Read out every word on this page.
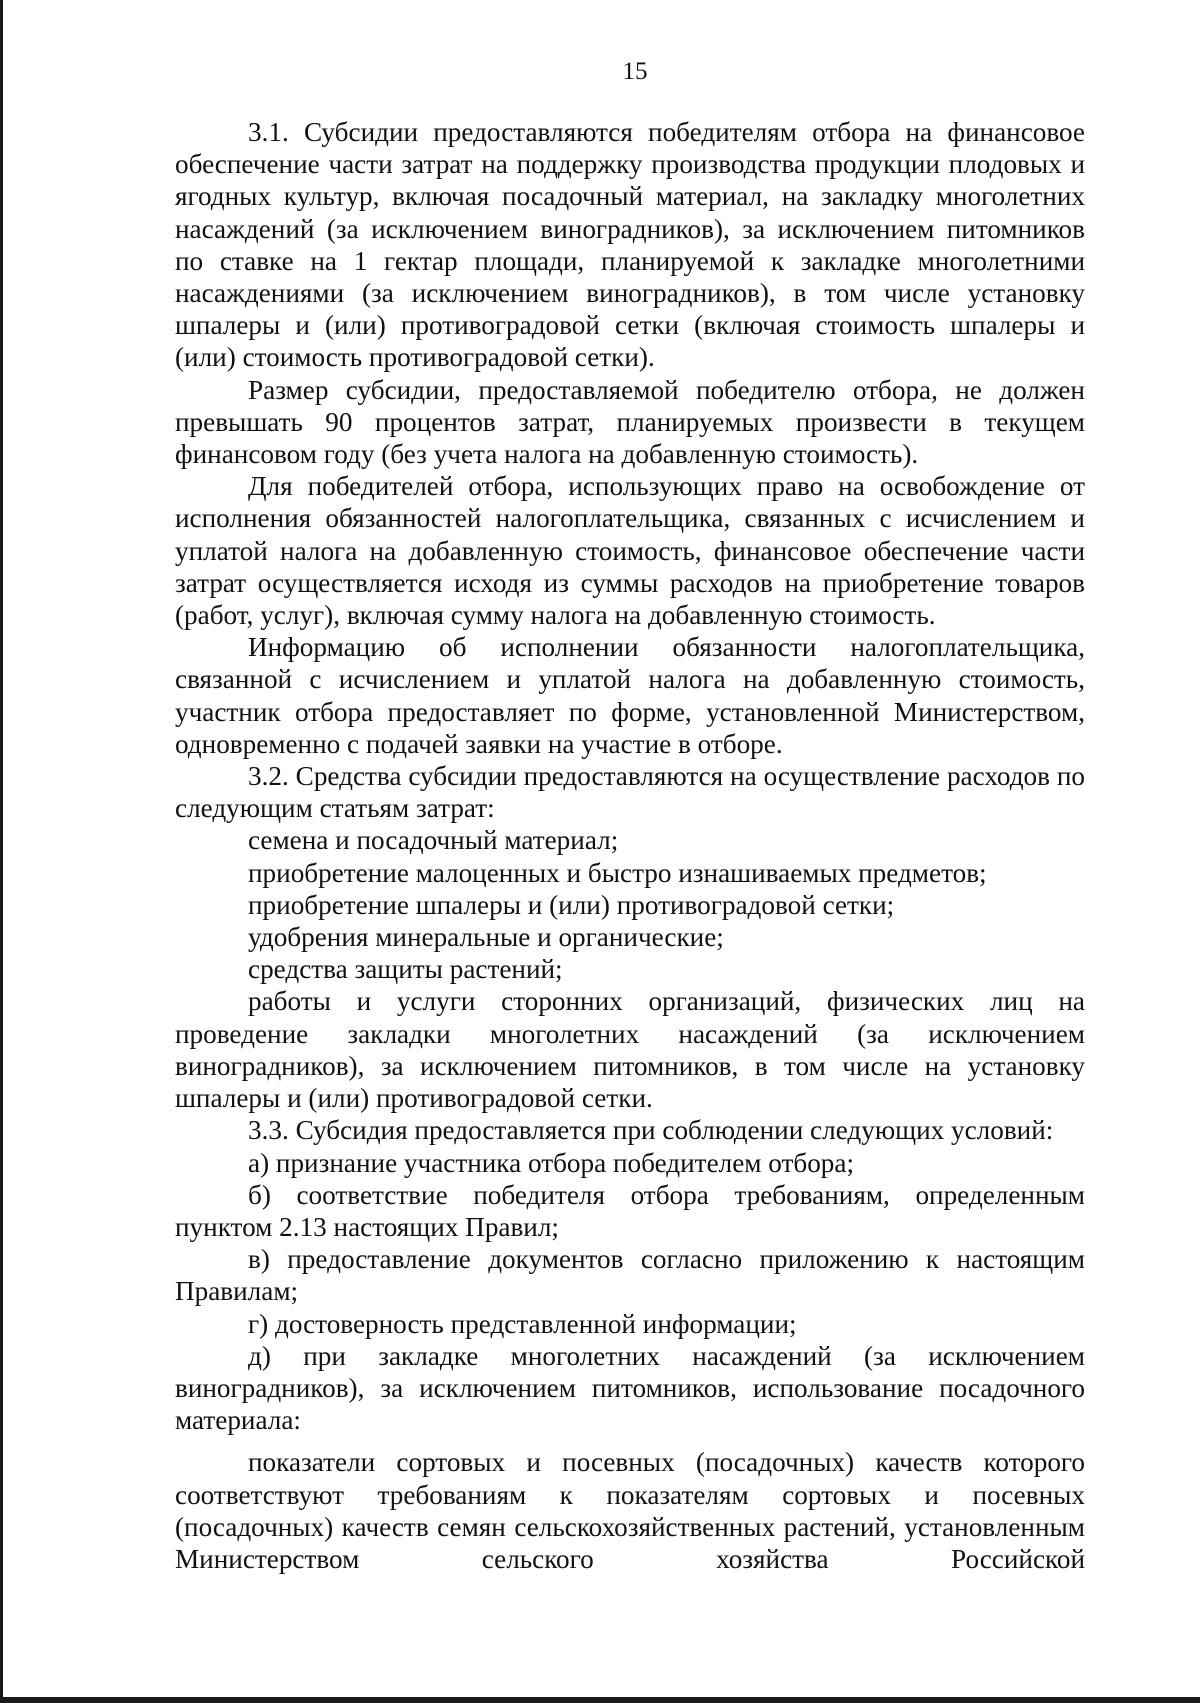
15

3.1. Субсидии предоставляются победителям отбора на финансовое обеспечение части затрат на поддержку производства продукции плодовых и ягодных культур, включая посадочный материал, на закладку многолетних насаждений (за исключением виноградников), за исключением питомников по ставке на 1 гектар площади, планируемой к закладке многолетними насаждениями (за исключением виноградников), в том числе установку шпалеры и (или) противоградовой сетки (включая стоимость шпалеры и (или) стоимость противоградовой сетки).

Размер субсидии, предоставляемой победителю отбора, не должен превышать 90 процентов затрат, планируемых произвести в текущем финансовом году (без учета налога на добавленную стоимость).

Для победителей отбора, использующих право на освобождение от исполнения обязанностей налогоплательщика, связанных с исчислением и уплатой налога на добавленную стоимость, финансовое обеспечение части затрат осуществляется исходя из суммы расходов на приобретение товаров (работ, услуг), включая сумму налога на добавленную стоимость.

Информацию об исполнении обязанности налогоплательщика, связанной с исчислением и уплатой налога на добавленную стоимость, участник отбора предоставляет по форме, установленной Министерством, одновременно с подачей заявки на участие в отборе.

3.2. Средства субсидии предоставляются на осуществление расходов по следующим статьям затрат:

семена и посадочный материал;

приобретение малоценных и быстро изнашиваемых предметов;

приобретение шпалеры и (или) противоградовой сетки;

удобрения минеральные и органические;

средства защиты растений;

работы и услуги сторонних организаций, физических лиц на проведение закладки многолетних насаждений (за исключением виноградников), за исключением питомников, в том числе на установку шпалеры и (или) противоградовой сетки.

3.3. Субсидия предоставляется при соблюдении следующих условий:

а) признание участника отбора победителем отбора;

б) соответствие победителя отбора требованиям, определенным пунктом 2.13 настоящих Правил;

в) предоставление документов согласно приложению к настоящим Правилам;

г) достоверность представленной информации;

д) при закладке многолетних насаждений (за исключением виноградников), за исключением питомников, использование посадочного материала:

показатели сортовых и посевных (посадочных) качеств которого соответствуют требованиям к показателям сортовых и посевных (посадочных) качеств семян сельскохозяйственных растений, установленным Министерством сельского хозяйства Российской
